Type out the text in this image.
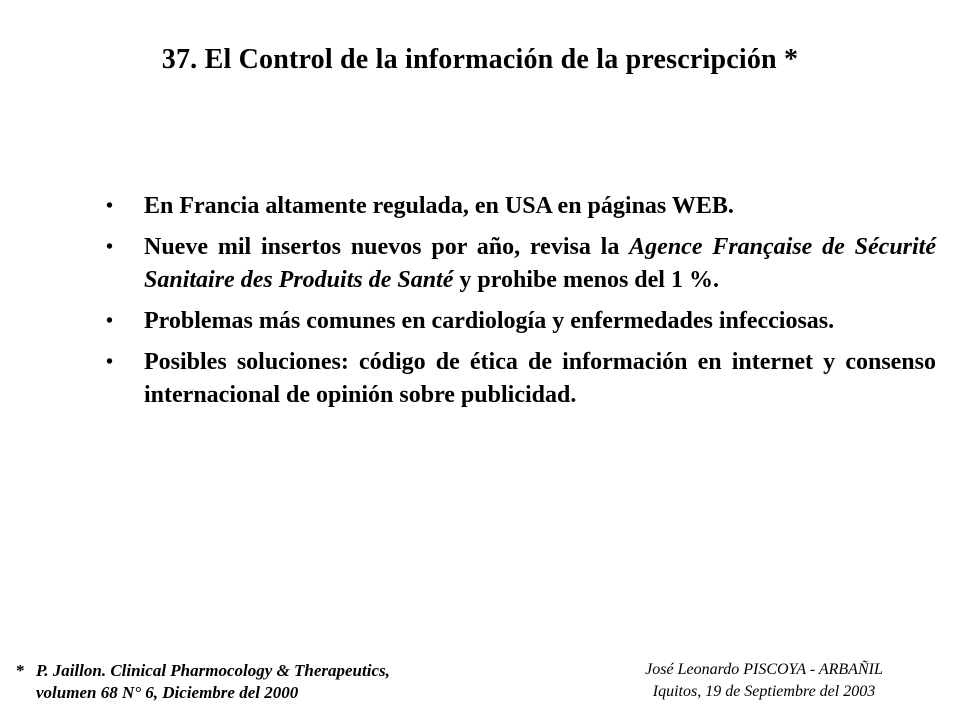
37. El Control de la información de la prescripción *
•	En Francia altamente regulada, en USA en páginas WEB.
•	Nueve mil insertos nuevos por año, revisa la Agence Française de Sécurité Sanitaire des Produits de Santé y prohibe menos del 1 %.
•	Problemas más comunes en cardiología y enfermedades infecciosas.
•	Posibles soluciones: código de ética de información en internet y consenso internacional de opinión sobre publicidad.
* P. Jaillon. Clinical Pharmocology & Therapeutics,
volumen 68 N° 6, Diciembre del 2000
José Leonardo PISCOYA - ARBAÑIL
Iquitos, 19 de Septiembre del 2003
